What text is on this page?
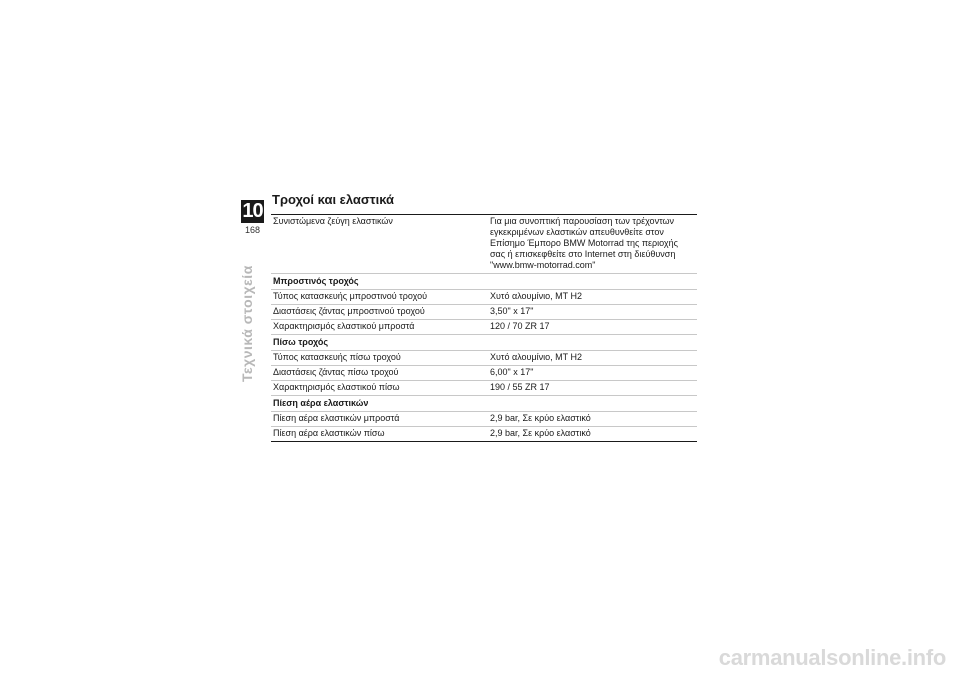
10
168
Τεχνικά στοιχεία
Τροχοί και ελαστικά
Συνιστώμενα ζεύγη ελαστικών	Για μια συνοπτική παρουσίαση των τρέχοντων εγκεκριμένων ελαστικών απευθυνθείτε στον Επίσημο Έμπορο BMW Motorrad της περιοχής σας ή επισκεφθείτε στο Internet στη διεύθυνση "www.bmw-motorrad.com"
Μπροστινός τροχός	
Τύπος κατασκευής μπροστινού τροχού	Χυτό αλουμίνιο, MT H2
Διαστάσεις ζάντας μπροστινού τροχού	3,50" x 17"
Χαρακτηρισμός ελαστικού μπροστά	120 / 70 ZR 17
Πίσω τροχός	
Τύπος κατασκευής πίσω τροχού	Χυτό αλουμίνιο, MT H2
Διαστάσεις ζάντας πίσω τροχού	6,00" x 17"
Χαρακτηρισμός ελαστικού πίσω	190 / 55 ZR 17
Πίεση αέρα ελαστικών	
Πίεση αέρα ελαστικών μπροστά	2,9 bar, Σε κρύο ελαστικό
Πίεση αέρα ελαστικών πίσω	2,9 bar, Σε κρύο ελαστικό
carmanualsonline.info
